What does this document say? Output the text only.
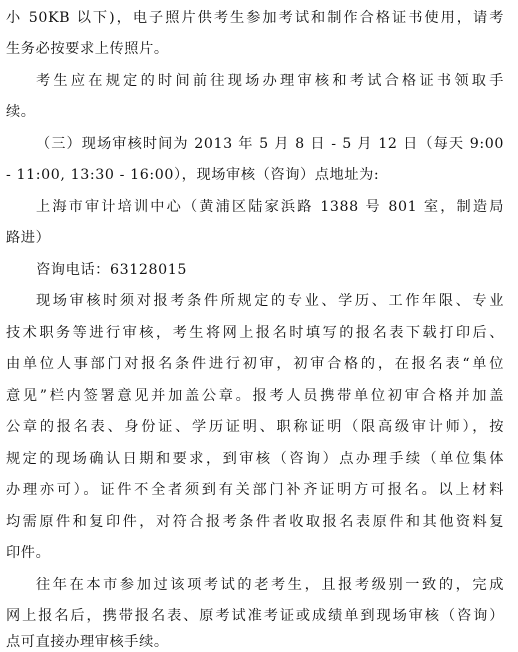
小 50KB 以下)，电子照片供考生参加考试和制作合格证书使用，请考
生务必按要求上传照片。
考生应在规定的时间前往现场办理审核和考试合格证书领取手
续。
（三）现场审核时间为 2013 年 5 月 8 日 - 5 月 12 日（每天 9:00
- 11:00, 13:30 - 16:00），现场审核（咨询）点地址为:
上海市审计培训中心（黄浦区陆家浜路 1388 号 801 室，制造局
路进）
咨询电话：63128015
现场审核时须对报考条件所规定的专业、学历、工作年限、专业
技术职务等进行审核，考生将网上报名时填写的报名表下载打印后、
由单位人事部门对报名条件进行初审，初审合格的，在报名表“单位
意见”栏内签署意见并加盖公章。报考人员携带单位初审合格并加盖
公章的报名表、身份证、学历证明、职称证明（限高级审计师），按
规定的现场确认日期和要求，到审核（咨询）点办理手续（单位集体
办理亦可）。证件不全者须到有关部门补齐证明方可报名。以上材料
均需原件和复印件，对符合报考条件者收取报名表原件和其他资料复
印件。
往年在本市参加过该项考试的老考生，且报考级别一致的，完成
网上报名后，携带报名表、原考试准考证或成绩单到现场审核（咨询）
点可直接办理审核手续。
